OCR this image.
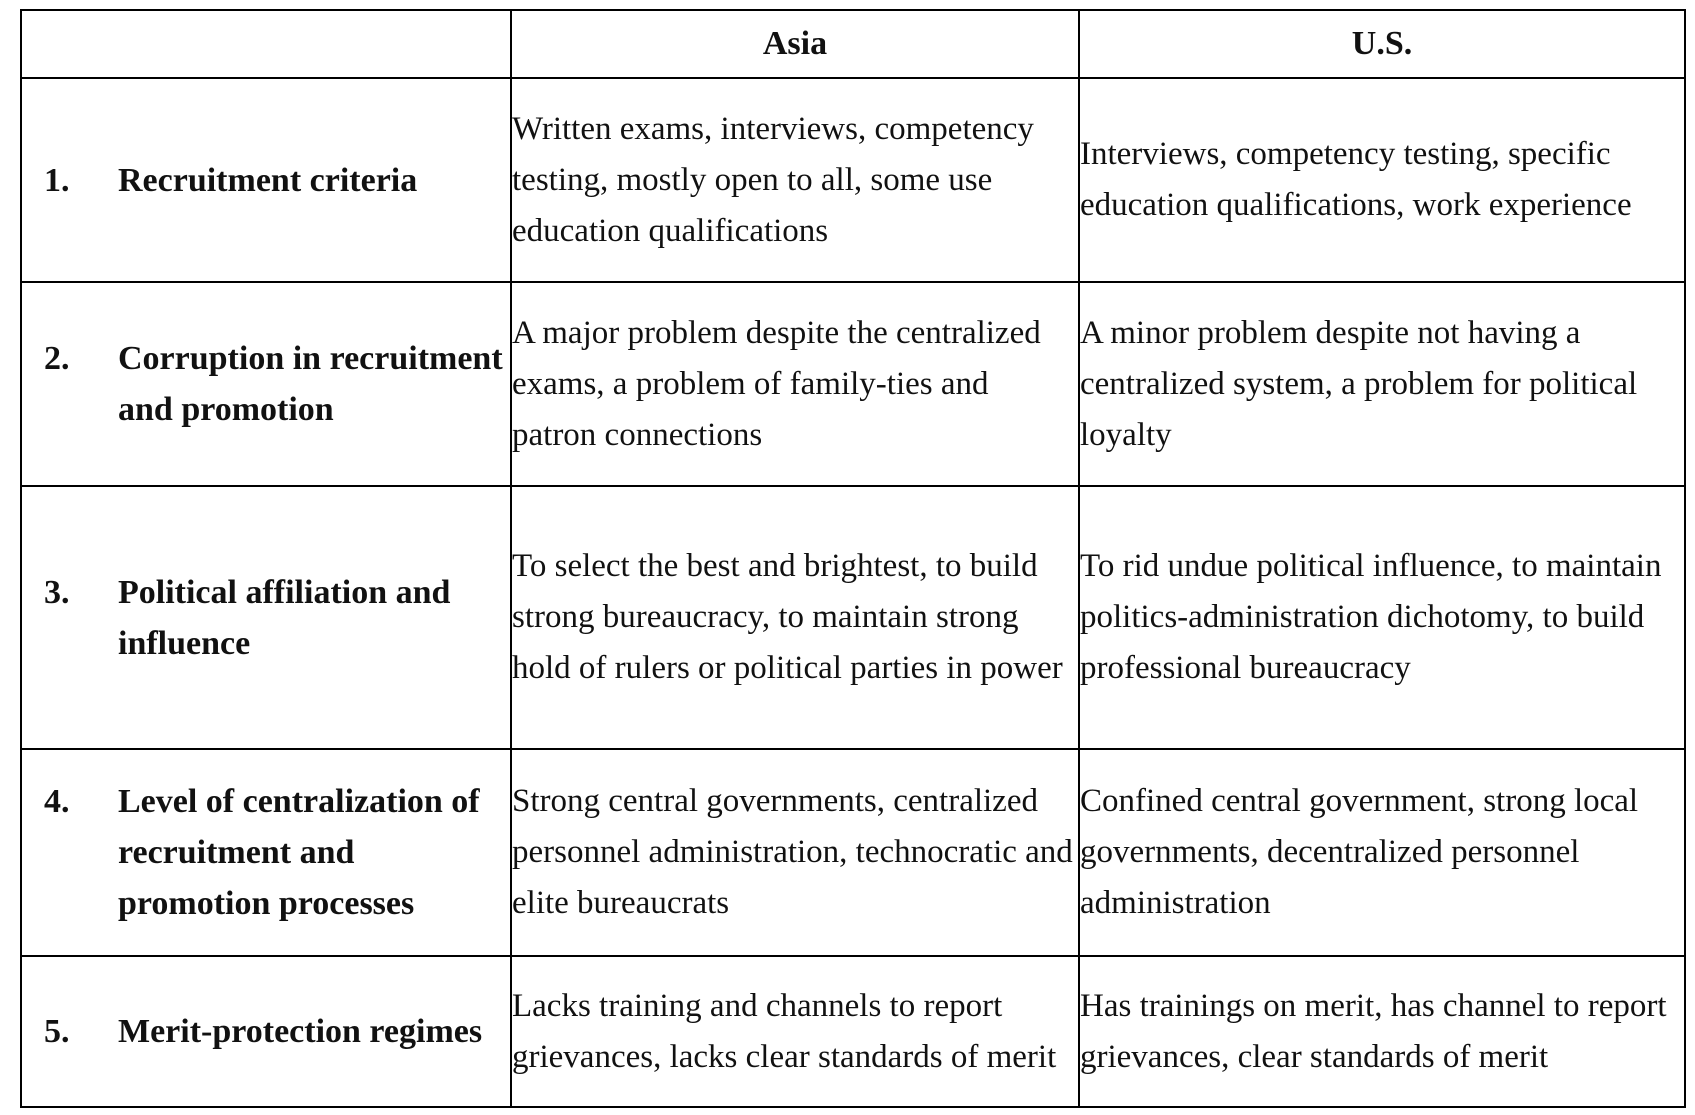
	Asia	U.S.

1. Recruitment criteria	Written exams, interviews, competency testing, mostly open to all, some use education qualifications	Interviews, competency testing, specific education qualifications, work experience

2. Corruption in recruitment and promotion	A major problem despite the centralized exams, a problem of family-ties and patron connections	A minor problem despite not having a centralized system, a problem for political loyalty

3. Political affiliation and influence	To select the best and brightest, to build strong bureaucracy, to maintain strong hold of rulers or political parties in power	To rid undue political influence, to maintain politics-administration dichotomy, to build professional bureaucracy

4. Level of centralization of recruitment and promotion processes	Strong central governments, centralized personnel administration, technocratic and elite bureaucrats	Confined central government, strong local governments, decentralized personnel administration

5. Merit-protection regimes	Lacks training and channels to report grievances, lacks clear standards of merit	Has trainings on merit, has channel to report grievances, clear standards of merit
